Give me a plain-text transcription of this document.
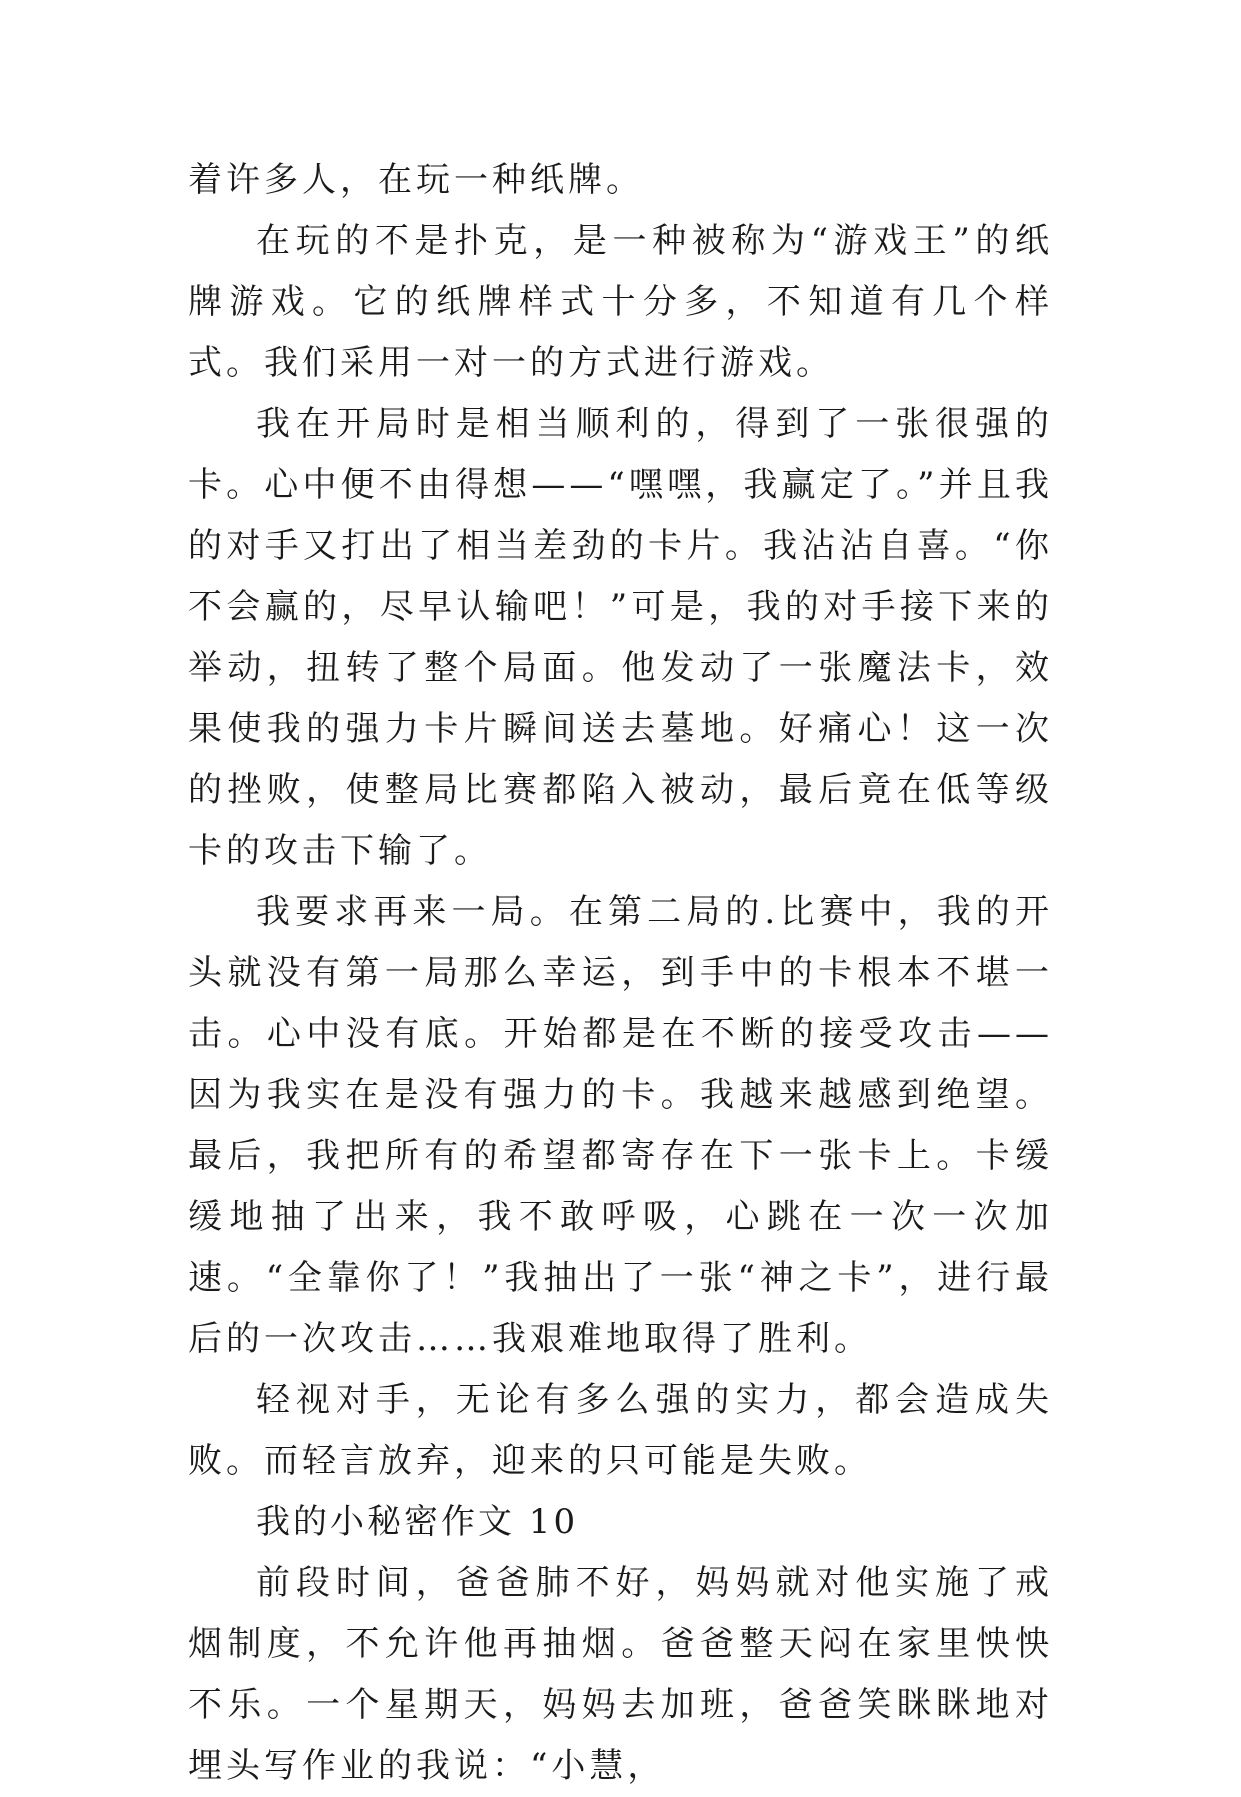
着许多人，在玩一种纸牌。

在玩的不是扑克，是一种被称为“游戏王”的纸牌游戏。它的纸牌样式十分多，不知道有几个样式。我们采用一对一的方式进行游戏。

我在开局时是相当顺利的，得到了一张很强的卡。心中便不由得想——“嘿嘿，我赢定了。”并且我的对手又打出了相当差劲的卡片。我沾沾自喜。“你不会赢的，尽早认输吧！”可是，我的对手接下来的举动，扭转了整个局面。他发动了一张魔法卡，效果使我的强力卡片瞬间送去墓地。好痛心！这一次的挫败，使整局比赛都陷入被动，最后竟在低等级卡的攻击下输了。

我要求再来一局。在第二局的.比赛中，我的开头就没有第一局那么幸运，到手中的卡根本不堪一击。心中没有底。开始都是在不断的接受攻击——因为我实在是没有强力的卡。我越来越感到绝望。最后，我把所有的希望都寄存在下一张卡上。卡缓缓地抽了出来，我不敢呼吸，心跳在一次一次加速。“全靠你了！”我抽出了一张“神之卡”，进行最后的一次攻击……我艰难地取得了胜利。

轻视对手，无论有多么强的实力，都会造成失败。而轻言放弃，迎来的只可能是失败。

我的小秘密作文 10

前段时间，爸爸肺不好，妈妈就对他实施了戒烟制度，不允许他再抽烟。爸爸整天闷在家里怏怏不乐。一个星期天，妈妈去加班，爸爸笑眯眯地对埋头写作业的我说：“小慧，
